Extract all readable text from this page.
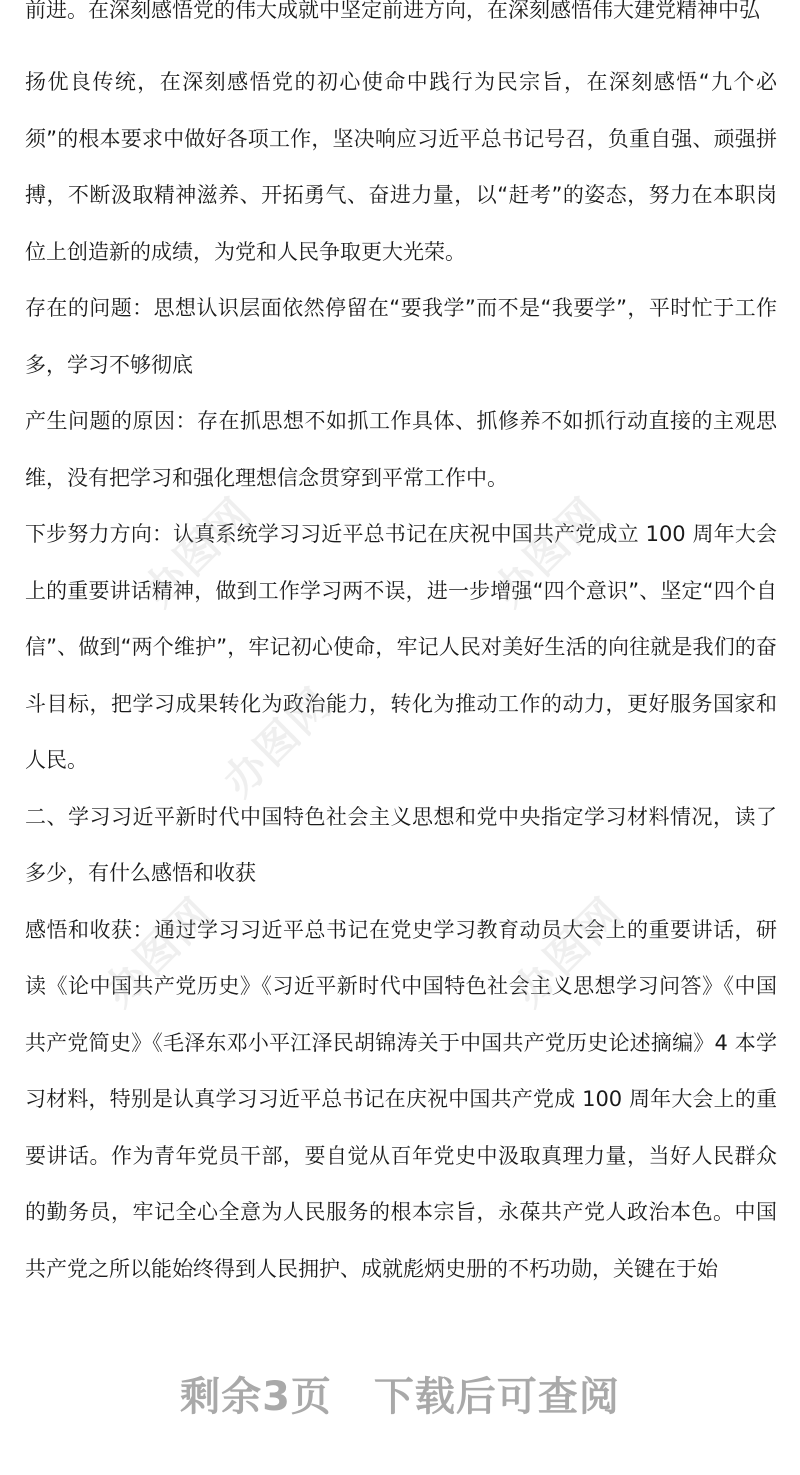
前进。在深刻感悟党的伟大成就中坚定前进方向，在深刻感悟伟大建党精神中弘

扬优良传统，在深刻感悟党的初心使命中践行为民宗旨，在深刻感悟“九个必须”的根本要求中做好各项工作，坚决响应习近平总书记号召，负重自强、顽强拼搏，不断汲取精神滋养、开拓勇气、奋进力量，以“赶考”的姿态，努力在本职岗位上创造新的成绩，为党和人民争取更大光荣。

存在的问题：思想认识层面依然停留在“要我学”而不是“我要学”，平时忙于工作多，学习不够彻底

产生问题的原因：存在抓思想不如抓工作具体、抓修养不如抓行动直接的主观思维，没有把学习和强化理想信念贯穿到平常工作中。

下步努力方向：认真系统学习习近平总书记在庆祝中国共产党成立 100 周年大会上的重要讲话精神，做到工作学习两不误，进一步增强“四个意识”、坚定“四个自信”、做到“两个维护”，牢记初心使命，牢记人民对美好生活的向往就是我们的奋斗目标，把学习成果转化为政治能力，转化为推动工作的动力，更好服务国家和人民。

二、学习习近平新时代中国特色社会主义思想和党中央指定学习材料情况，读了多少，有什么感悟和收获

感悟和收获：通过学习习近平总书记在党史学习教育动员大会上的重要讲话，研读《论中国共产党历史》《习近平新时代中国特色社会主义思想学习问答》《中国共产党简史》《毛泽东邓小平江泽民胡锦涛关于中国共产党历史论述摘编》4 本学习材料，特别是认真学习习近平总书记在庆祝中国共产党成 100 周年大会上的重要讲话。作为青年党员干部，要自觉从百年党史中汲取真理力量，当好人民群众的勤务员，牢记全心全意为人民服务的根本宗旨，永葆共产党人政治本色。中国共产党之所以能始终得到人民拥护、成就彪炳史册的不朽功勋，关键在于始

办图网	办图网
办图网
办图网	办图网
剩余3页 下载后可查阅
